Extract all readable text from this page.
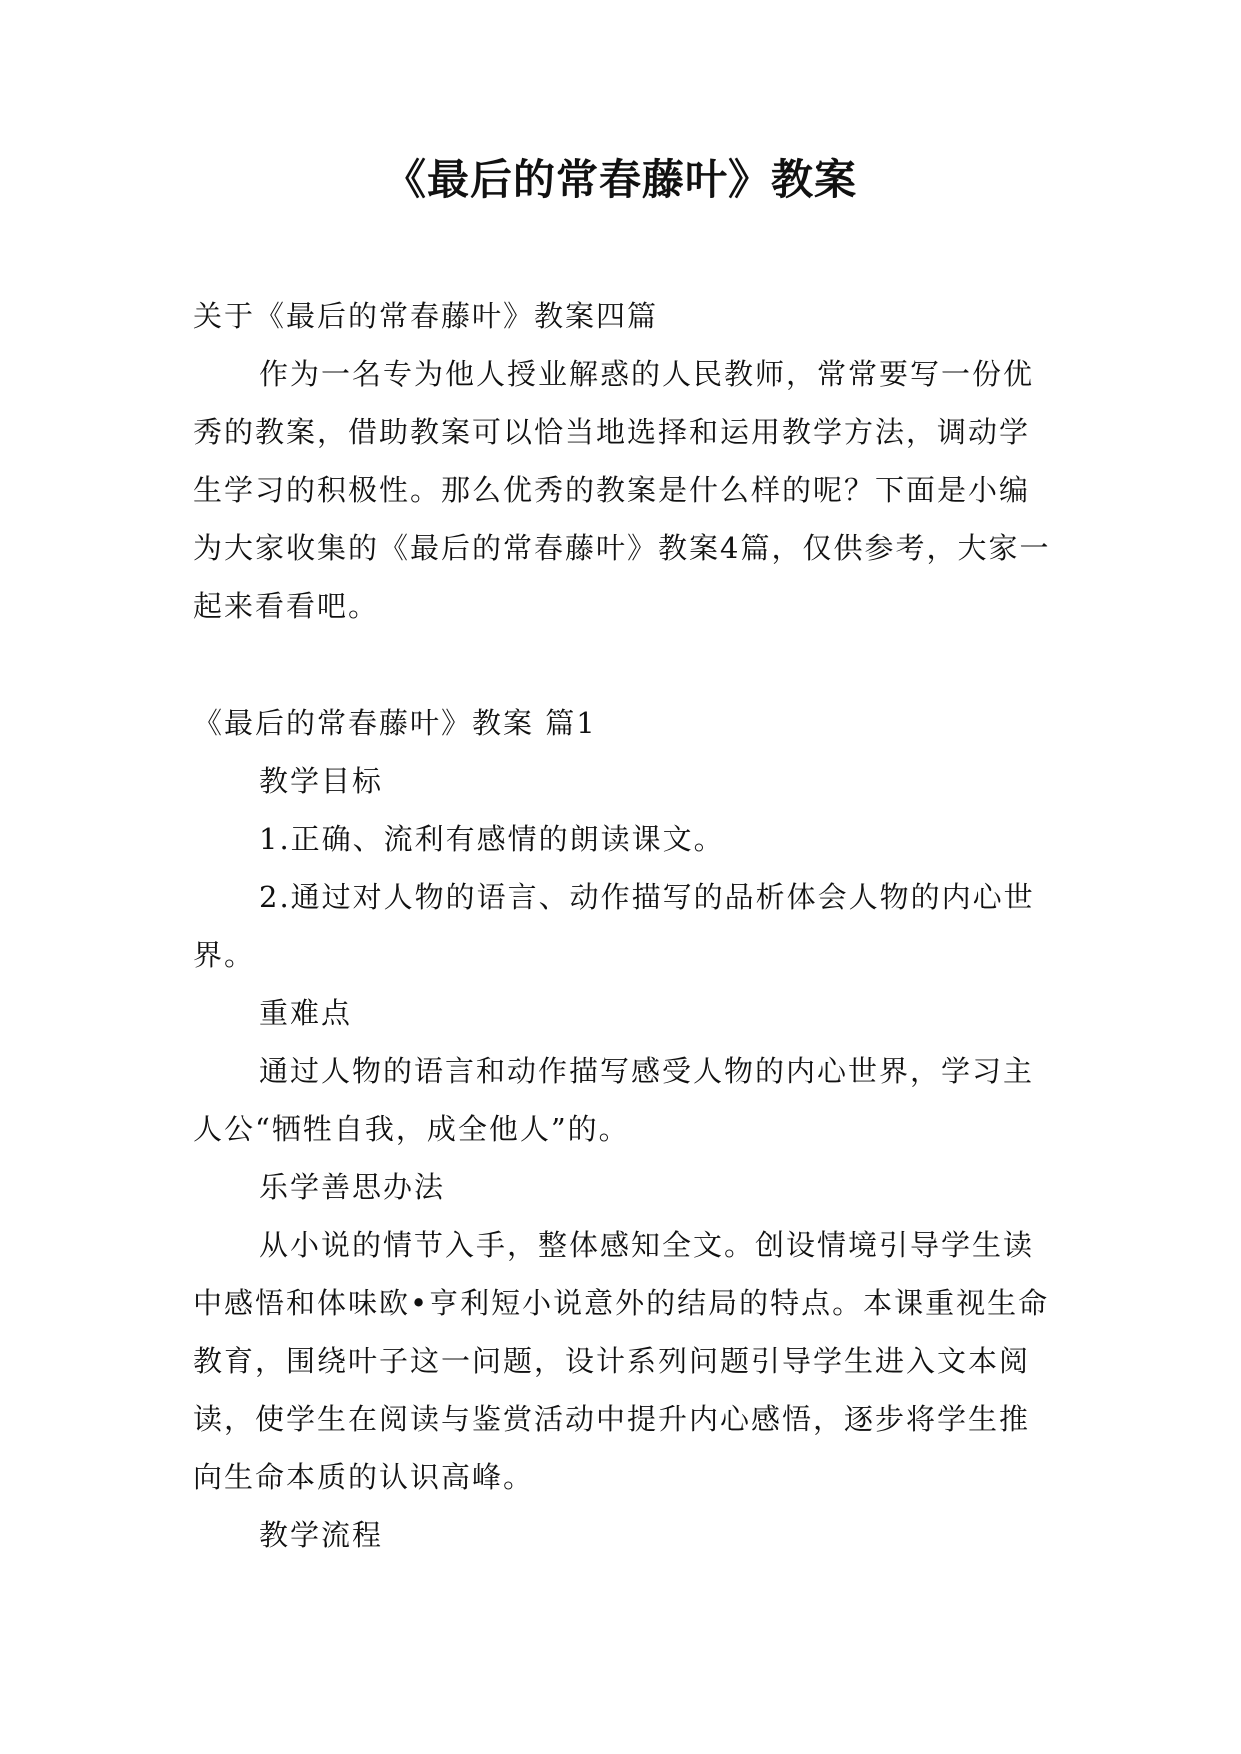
《最后的常春藤叶》教案

关于《最后的常春藤叶》教案四篇

作为一名专为他人授业解惑的人民教师，常常要写一份优秀的教案，借助教案可以恰当地选择和运用教学方法，调动学生学习的积极性。那么优秀的教案是什么样的呢？下面是小编为大家收集的《最后的常春藤叶》教案4篇，仅供参考，大家一起来看看吧。

《最后的常春藤叶》教案 篇1

教学目标

1.正确、流利有感情的朗读课文。

2.通过对人物的语言、动作描写的品析体会人物的内心世界。

重难点

通过人物的语言和动作描写感受人物的内心世界，学习主人公“牺牲自我，成全他人”的。

乐学善思办法

从小说的情节入手，整体感知全文。创设情境引导学生读中感悟和体味欧•亨利短小说意外的结局的特点。本课重视生命教育，围绕叶子这一问题，设计系列问题引导学生进入文本阅读，使学生在阅读与鉴赏活动中提升内心感悟，逐步将学生推向生命本质的认识高峰。

教学流程
